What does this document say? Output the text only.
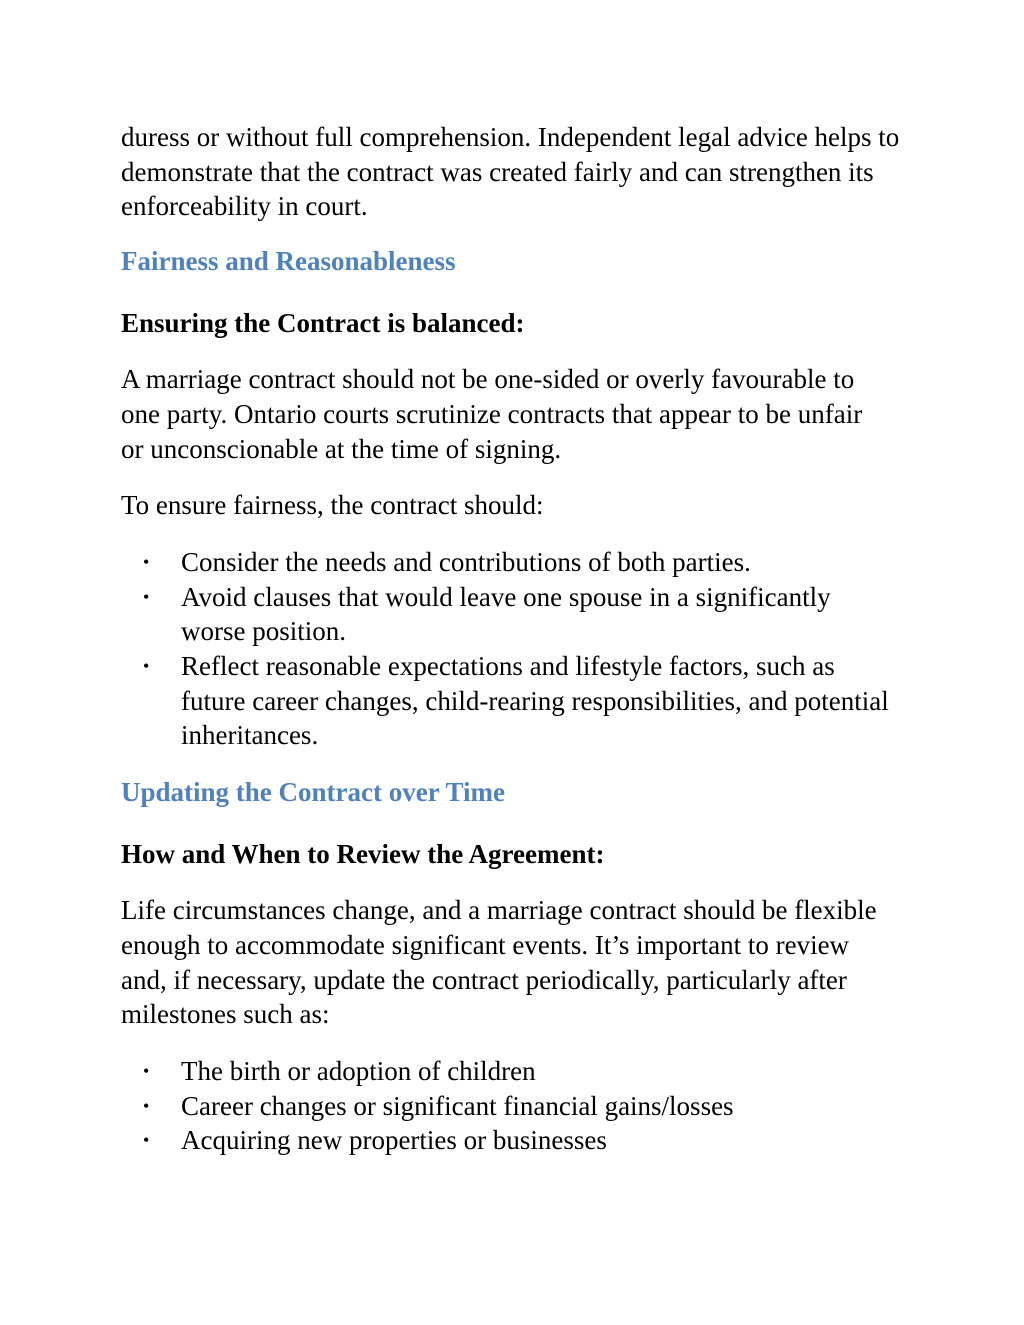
duress or without full comprehension. Independent legal advice helps to demonstrate that the contract was created fairly and can strengthen its enforceability in court.

Fairness and Reasonableness
Ensuring the Contract is balanced:

A marriage contract should not be one-sided or overly favourable to one party. Ontario courts scrutinize contracts that appear to be unfair or unconscionable at the time of signing.

To ensure fairness, the contract should:

• Consider the needs and contributions of both parties.
• Avoid clauses that would leave one spouse in a significantly worse position.
• Reflect reasonable expectations and lifestyle factors, such as future career changes, child-rearing responsibilities, and potential inheritances.
Updating the Contract over Time
How and When to Review the Agreement:

Life circumstances change, and a marriage contract should be flexible enough to accommodate significant events. It’s important to review and, if necessary, update the contract periodically, particularly after milestones such as:

• The birth or adoption of children
• Career changes or significant financial gains/losses
• Acquiring new properties or businesses
